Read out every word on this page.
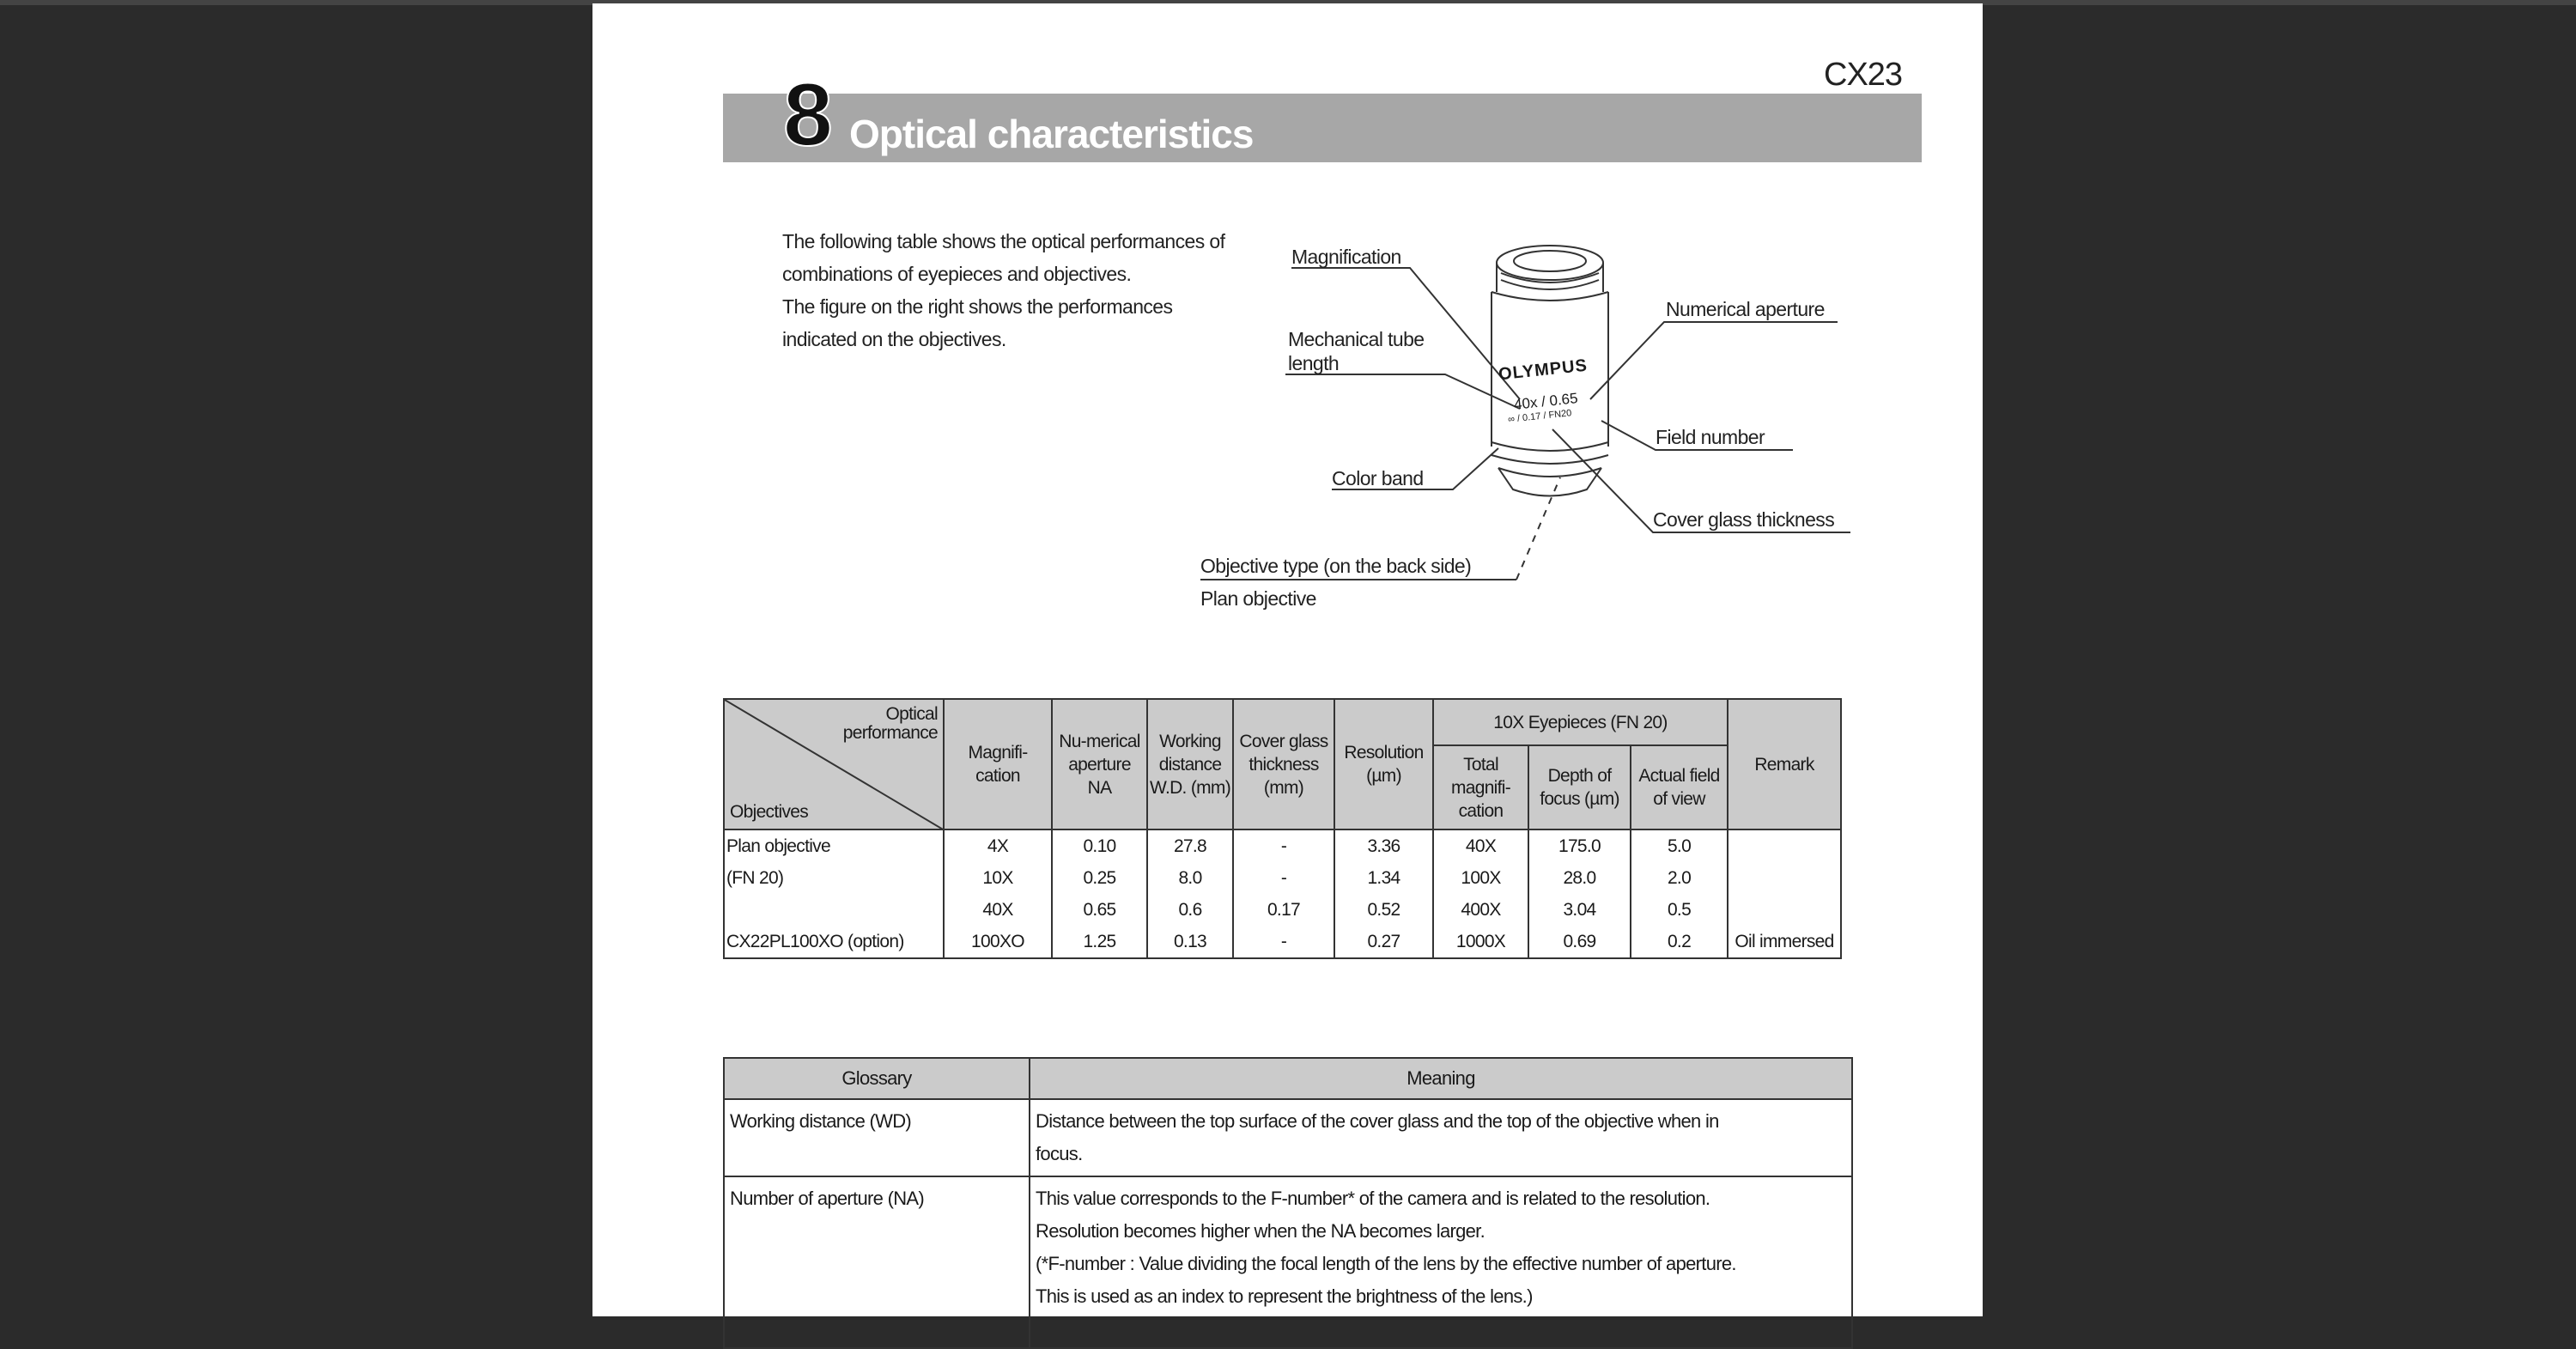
CX23
8 Optical characteristics
The following table shows the optical performances of
combinations of eyepieces and objectives.
The figure on the right shows the performances
indicated on the objectives.
OLYMPUS
40x / 0.65
∞ / 0.17 / FN20
Magnification
Mechanical tube
length
Numerical aperture
Field number
Color band
Cover glass thickness
Objective type (on the back side)
Plan objective
Optical performance
Objectives	Magnifi-cation	Nu-merical aperture NA	Working distance W.D. (mm)	Cover glass thickness (mm)	Resolution (µm)	10X Eyepieces (FN 20)			Remark
						Total magnifi-cation	Depth of focus (µm)	Actual field of view	
Plan objective	4X	0.10	27.8	-	3.36	40X	175.0	5.0	
(FN 20)	10X	0.25	8.0	-	1.34	100X	28.0	2.0	
	40X	0.65	0.6	0.17	0.52	400X	3.04	0.5	
CX22PL100XO (option)	100XO	1.25	0.13	-	0.27	1000X	0.69	0.2	Oil immersed
Glossary	Meaning
Working distance (WD)	Distance between the top surface of the cover glass and the top of the objective when in
focus.

Number of aperture (NA)	This value corresponds to the F-number* of the camera and is related to the resolution.
Resolution becomes higher when the NA becomes larger.
(*F-number : Value dividing the focal length of the lens by the effective number of aperture.
This is used as an index to represent the brightness of the lens.)
